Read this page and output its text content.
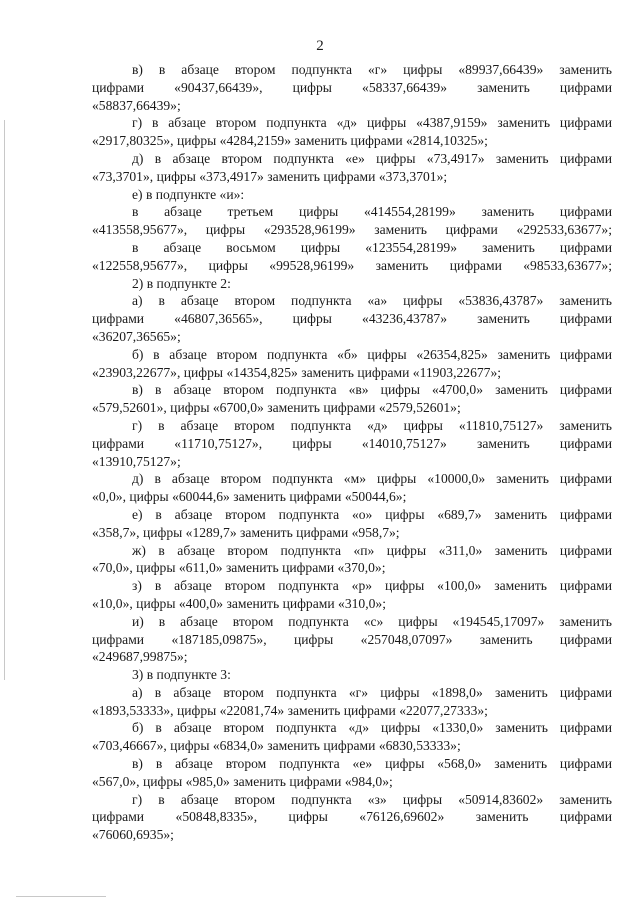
2
в) в абзаце втором подпункта «г» цифры «89937,66439» заменить
цифрами «90437,66439», цифры «58337,66439» заменить цифрами
«58837,66439»;
г) в абзаце втором подпункта «д» цифры «4387,9159» заменить цифрами
«2917,80325», цифры «4284,2159» заменить цифрами «2814,10325»;
д) в абзаце втором подпункта «е» цифры «73,4917» заменить цифрами
«73,3701», цифры «373,4917» заменить цифрами «373,3701»;
е) в подпункте «и»:
в абзаце третьем цифры «414554,28199» заменить цифрами
«413558,95677», цифры «293528,96199» заменить цифрами «292533,63677»;
в абзаце восьмом цифры «123554,28199» заменить цифрами
«122558,95677», цифры «99528,96199» заменить цифрами «98533,63677»;
2) в подпункте 2:
а) в абзаце втором подпункта «а» цифры «53836,43787» заменить
цифрами «46807,36565», цифры «43236,43787» заменить цифрами
«36207,36565»;
б) в абзаце втором подпункта «б» цифры «26354,825» заменить цифрами
«23903,22677», цифры «14354,825» заменить цифрами «11903,22677»;
в) в абзаце втором подпункта «в» цифры «4700,0» заменить цифрами
«579,52601», цифры «6700,0» заменить цифрами «2579,52601»;
г) в абзаце втором подпункта «д» цифры «11810,75127» заменить
цифрами «11710,75127», цифры «14010,75127» заменить цифрами
«13910,75127»;
д) в абзаце втором подпункта «м» цифры «10000,0» заменить цифрами
«0,0», цифры «60044,6» заменить цифрами «50044,6»;
е) в абзаце втором подпункта «о» цифры «689,7» заменить цифрами
«358,7», цифры «1289,7» заменить цифрами «958,7»;
ж) в абзаце втором подпункта «п» цифры «311,0» заменить цифрами
«70,0», цифры «611,0» заменить цифрами «370,0»;
з) в абзаце втором подпункта «р» цифры «100,0» заменить цифрами
«10,0», цифры «400,0» заменить цифрами «310,0»;
и) в абзаце втором подпункта «с» цифры «194545,17097» заменить
цифрами «187185,09875», цифры «257048,07097» заменить цифрами
«249687,99875»;
3) в подпункте 3:
а) в абзаце втором подпункта «г» цифры «1898,0» заменить цифрами
«1893,53333», цифры «22081,74» заменить цифрами «22077,27333»;
б) в абзаце втором подпункта «д» цифры «1330,0» заменить цифрами
«703,46667», цифры «6834,0» заменить цифрами «6830,53333»;
в) в абзаце втором подпункта «е» цифры «568,0» заменить цифрами
«567,0», цифры «985,0» заменить цифрами «984,0»;
г) в абзаце втором подпункта «з» цифры «50914,83602» заменить
цифрами «50848,8335», цифры «76126,69602» заменить цифрами
«76060,6935»;
